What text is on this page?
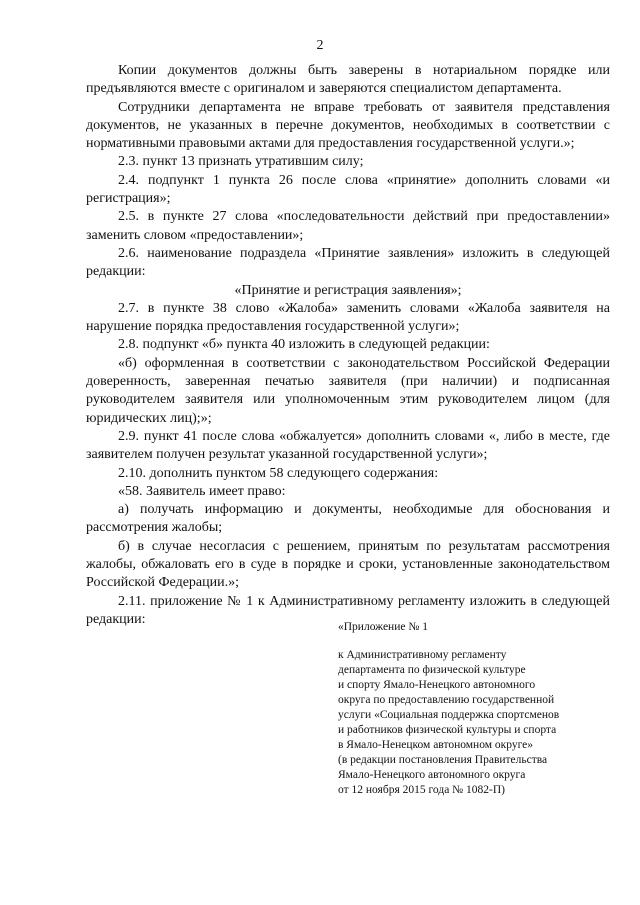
2

Копии документов должны быть заверены в нотариальном порядке или предъявляются вместе с оригиналом и заверяются специалистом департамента.

Сотрудники департамента не вправе требовать от заявителя представления документов, не указанных в перечне документов, необходимых в соответствии с нормативными правовыми актами для предоставления государственной услуги.»;

2.3. пункт 13 признать утратившим силу;

2.4. подпункт 1 пункта 26 после слова «принятие» дополнить словами «и регистрация»;

2.5. в пункте 27 слова «последовательности действий при предоставлении» заменить словом «предоставлении»;

2.6. наименование подраздела «Принятие заявления» изложить в следующей редакции:

«Принятие и регистрация заявления»;

2.7. в пункте 38 слово «Жалоба» заменить словами «Жалоба заявителя на нарушение порядка предоставления государственной услуги»;

2.8. подпункт «б» пункта 40 изложить в следующей редакции:

«б) оформленная в соответствии с законодательством Российской Федерации доверенность, заверенная печатью заявителя (при наличии) и подписанная руководителем заявителя или уполномоченным этим руководителем лицом (для юридических лиц);»;

2.9. пункт 41 после слова «обжалуется» дополнить словами «, либо в месте, где заявителем получен результат указанной государственной услуги»;

2.10. дополнить пунктом 58 следующего содержания:

«58. Заявитель имеет право:

а) получать информацию и документы, необходимые для обоснования и рассмотрения жалобы;

б) в случае несогласия с решением, принятым по результатам рассмотрения жалобы, обжаловать его в суде в порядке и сроки, установленные законодательством Российской Федерации.»;

2.11. приложение № 1 к Административному регламенту изложить в следующей редакции:

«Приложение № 1
к Административному регламенту
департамента по физической культуре
и спорту Ямало-Ненецкого автономного
округа по предоставлению государственной
услуги «Социальная поддержка спортсменов
и работников физической культуры и спорта
в Ямало-Ненецком автономном округе»
(в редакции постановления Правительства
Ямало-Ненецкого автономного округа
от 12 ноября 2015 года № 1082-П)
